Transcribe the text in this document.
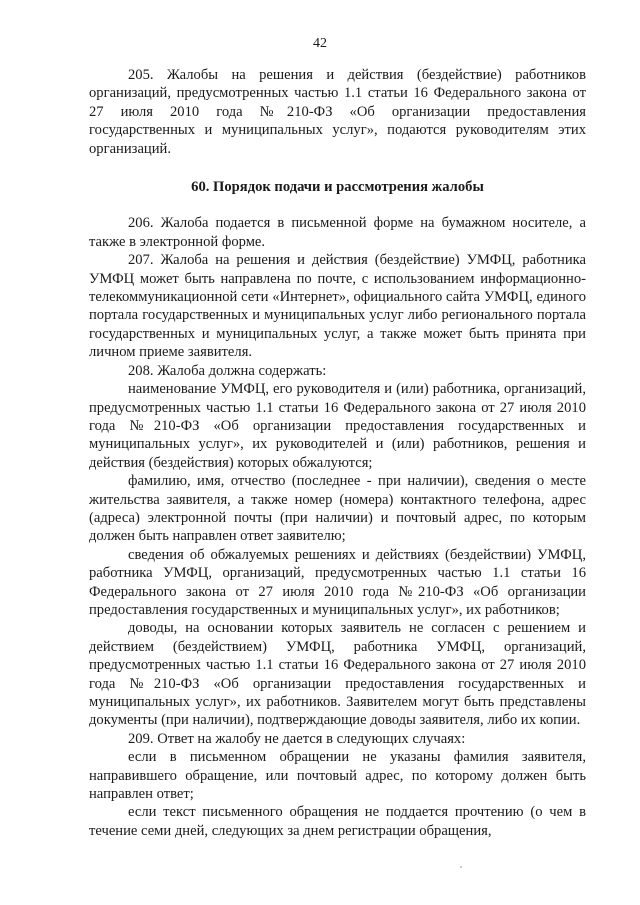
42

205. Жалобы на решения и действия (бездействие) работников организаций, предусмотренных частью 1.1 статьи 16 Федерального закона от 27 июля 2010 года №210-ФЗ «Об организации предоставления государственных и муниципальных услуг», подаются руководителям этих организаций.

60. Порядок подачи и рассмотрения жалобы

206. Жалоба подается в письменной форме на бумажном носителе, а также в электронной форме.

207. Жалоба на решения и действия (бездействие) УМФЦ, работника УМФЦ может быть направлена по почте, с использованием информационно-телекоммуникационной сети «Интернет», официального сайта УМФЦ, единого портала государственных и муниципальных услуг либо регионального портала государственных и муниципальных услуг, а также может быть принята при личном приеме заявителя.

208. Жалоба должна содержать:

наименование УМФЦ, его руководителя и (или) работника, организаций, предусмотренных частью 1.1 статьи 16 Федерального закона от 27 июля 2010 года №210-ФЗ «Об организации предоставления государственных и муниципальных услуг», их руководителей и (или) работников, решения и действия (бездействия) которых обжалуются;

фамилию, имя, отчество (последнее - при наличии), сведения о месте жительства заявителя, а также номер (номера) контактного телефона, адрес (адреса) электронной почты (при наличии) и почтовый адрес, по которым должен быть направлен ответ заявителю;

сведения об обжалуемых решениях и действиях (бездействии) УМФЦ, работника УМФЦ, организаций, предусмотренных частью 1.1 статьи 16 Федерального закона от 27 июля 2010 года №210-ФЗ «Об организации предоставления государственных и муниципальных услуг», их работников;

доводы, на основании которых заявитель не согласен с решением и действием (бездействием) УМФЦ, работника УМФЦ, организаций, предусмотренных частью 1.1 статьи 16 Федерального закона от 27 июля 2010 года №210-ФЗ «Об организации предоставления государственных и муниципальных услуг», их работников. Заявителем могут быть представлены документы (при наличии), подтверждающие доводы заявителя, либо их копии.

209. Ответ на жалобу не дается в следующих случаях:

если в письменном обращении не указаны фамилия заявителя, направившего обращение, или почтовый адрес, по которому должен быть направлен ответ;

если текст письменного обращения не поддается прочтению (о чем в течение семи дней, следующих за днем регистрации обращения,
